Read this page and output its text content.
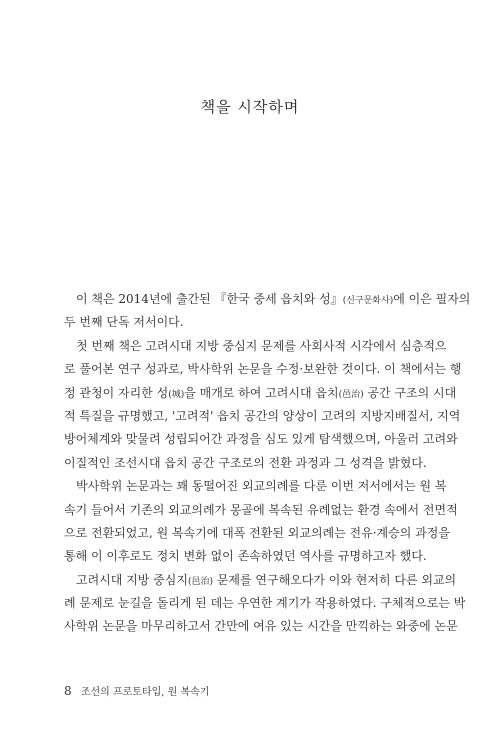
책을 시작하며
이 책은 2014년에 출간된 『한국 중세 읍치와 성』(신구문화사)에 이은 필자의
두 번째 단독 저서이다.
첫 번째 책은 고려시대 지방 중심지 문제를 사회사적 시각에서 심층적으
로 풀어본 연구 성과로, 박사학위 논문을 수정·보완한 것이다. 이 책에서는 행
정 관청이 자리한 성(城)을 매개로 하여 고려시대 읍치(邑治) 공간 구조의 시대
적 특질을 규명했고, '고려적' 읍치 공간의 양상이 고려의 지방지배질서, 지역
방어체계와 맞물려 성립되어간 과정을 심도 있게 탐색했으며, 아울러 고려와
이질적인 조선시대 읍치 공간 구조로의 전환 과정과 그 성격을 밝혔다.
박사학위 논문과는 꽤 동떨어진 외교의례를 다룬 이번 저서에서는 원 복
속기 들어서 기존의 외교의례가 몽골에 복속된 유례없는 환경 속에서 전면적
으로 전환되었고, 원 복속기에 대폭 전환된 외교의례는 전유·계승의 과정을
통해 이 이후로도 정치 변화 없이 존속하였던 역사를 규명하고자 했다.
고려시대 지방 중심지(邑治) 문제를 연구해오다가 이와 현저히 다른 외교의
례 문제로 눈길을 돌리게 된 데는 우연한 계기가 작용하였다. 구체적으로는 박
사학위 논문을 마무리하고서 간만에 여유 있는 시간을 만끽하는 와중에 논문
8 조선의 프로토타입, 원 복속기
